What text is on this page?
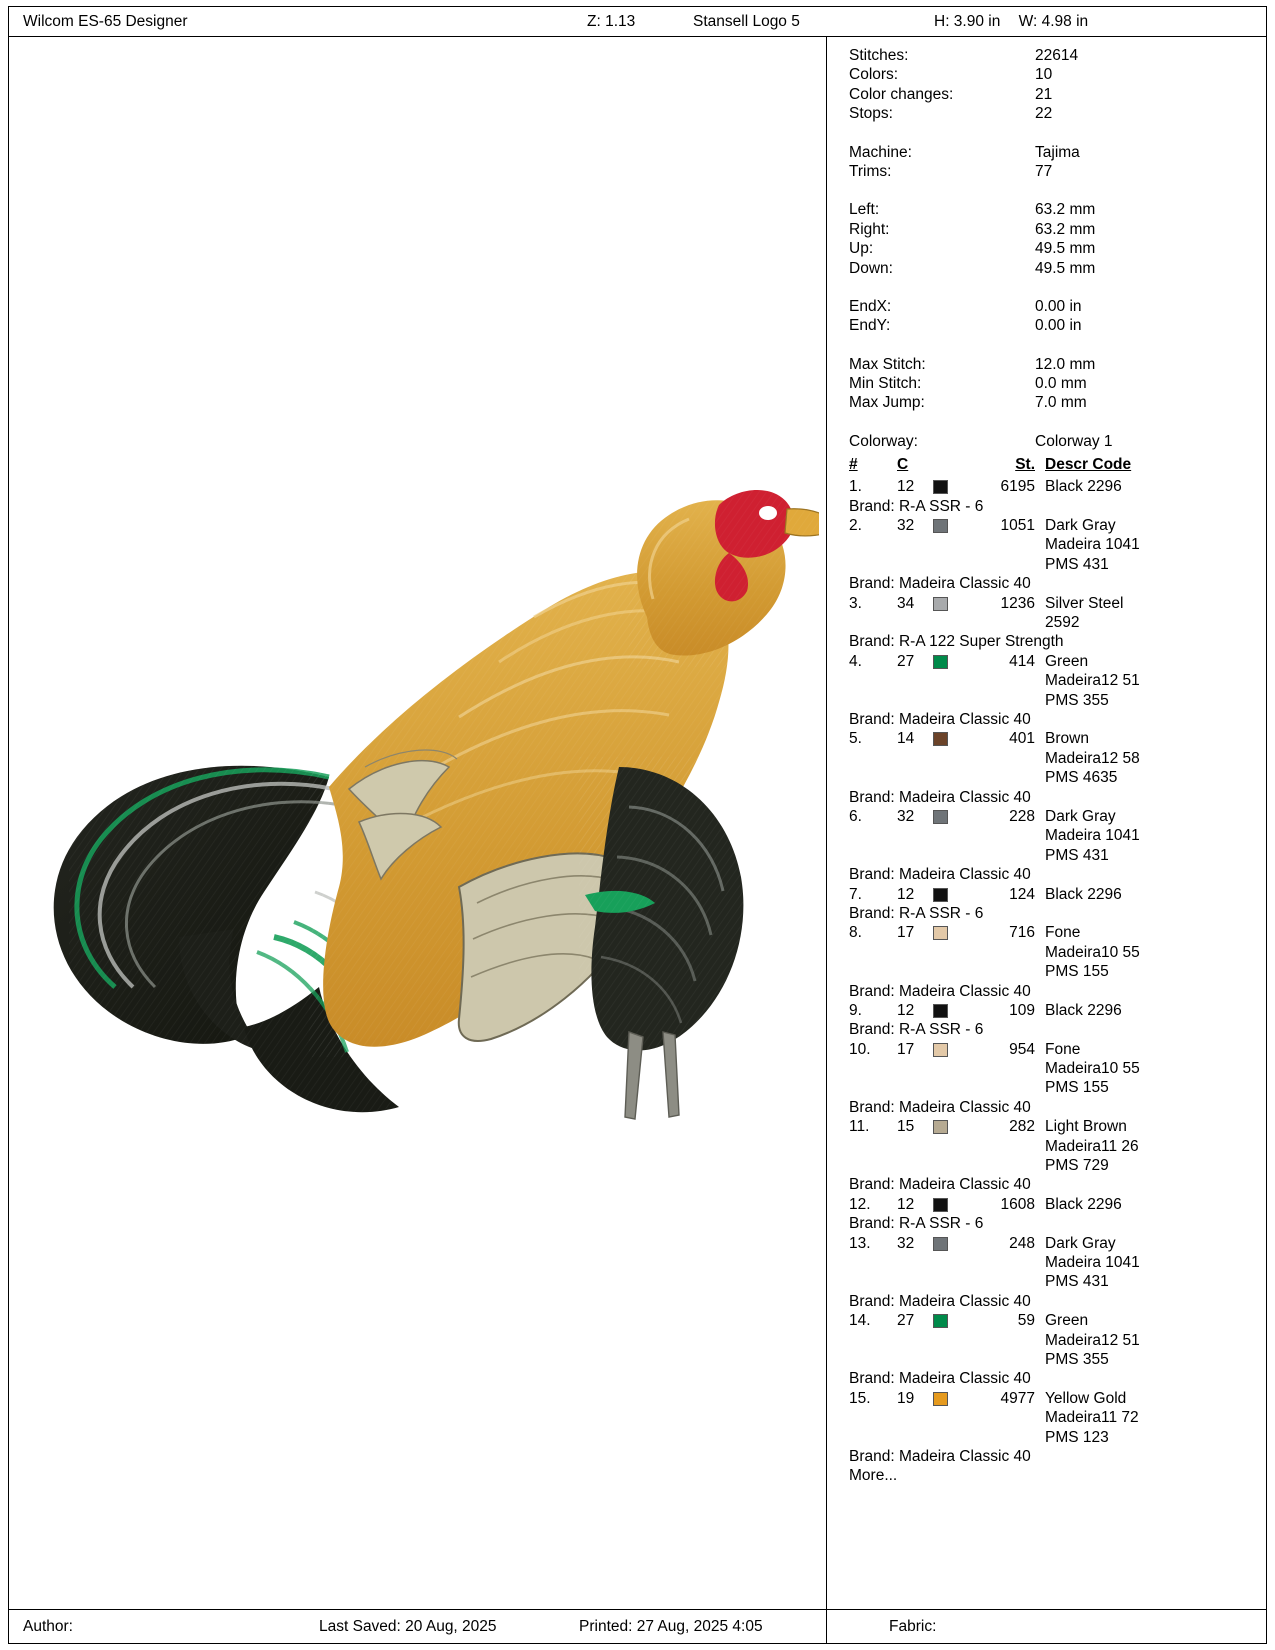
Wilcom ES-65 Designer	Z: 1.13	Stansell Logo 5	H: 3.90 in W: 4.98 in
Stitches:	22614
Colors:	10
Color changes:	21
Stops:	22
Machine:	Tajima
Trims:	77
Left:	63.2 mm
Right:	63.2 mm
Up:	49.5 mm
Down:	49.5 mm
EndX:	0.00 in
EndY:	0.00 in
Max Stitch:	12.0 mm
Min Stitch:	0.0 mm
Max Jump:	7.0 mm
Colorway:	Colorway 1
#	C	St. Descr Code
1. 12	6195 Black 2296
Brand: R-A SSR - 6
2. 32	1051 Dark Gray
Madeira 1041
PMS 431
Brand: Madeira Classic 40
3. 34	1236 Silver Steel
2592
Brand: R-A 122 Super Strength
4. 27	414 Green
Madeira12 51
PMS 355
Brand: Madeira Classic 40
5. 14	401 Brown
Madeira12 58
PMS 4635
Brand: Madeira Classic 40
6. 32	228 Dark Gray
Madeira 1041
PMS 431
Brand: Madeira Classic 40
7. 12	124 Black 2296
Brand: R-A SSR - 6
8. 17	716 Fone
Madeira10 55
PMS 155
Brand: Madeira Classic 40
9. 12	109 Black 2296
Brand: R-A SSR - 6
10. 17	954 Fone
Madeira10 55
PMS 155
Brand: Madeira Classic 40
11. 15	282 Light Brown
Madeira11 26
PMS 729
Brand: Madeira Classic 40
12. 12	1608 Black 2296
Brand: R-A SSR - 6
13. 32	248 Dark Gray
Madeira 1041
PMS 431
Brand: Madeira Classic 40
14. 27	59 Green
Madeira12 51
PMS 355
Brand: Madeira Classic 40
15. 19	4977 Yellow Gold
Madeira11 72
PMS 123
Brand: Madeira Classic 40
More...
Author:	Last Saved: 20 Aug, 2025	Printed: 27 Aug, 2025 4:05	Fabric:
